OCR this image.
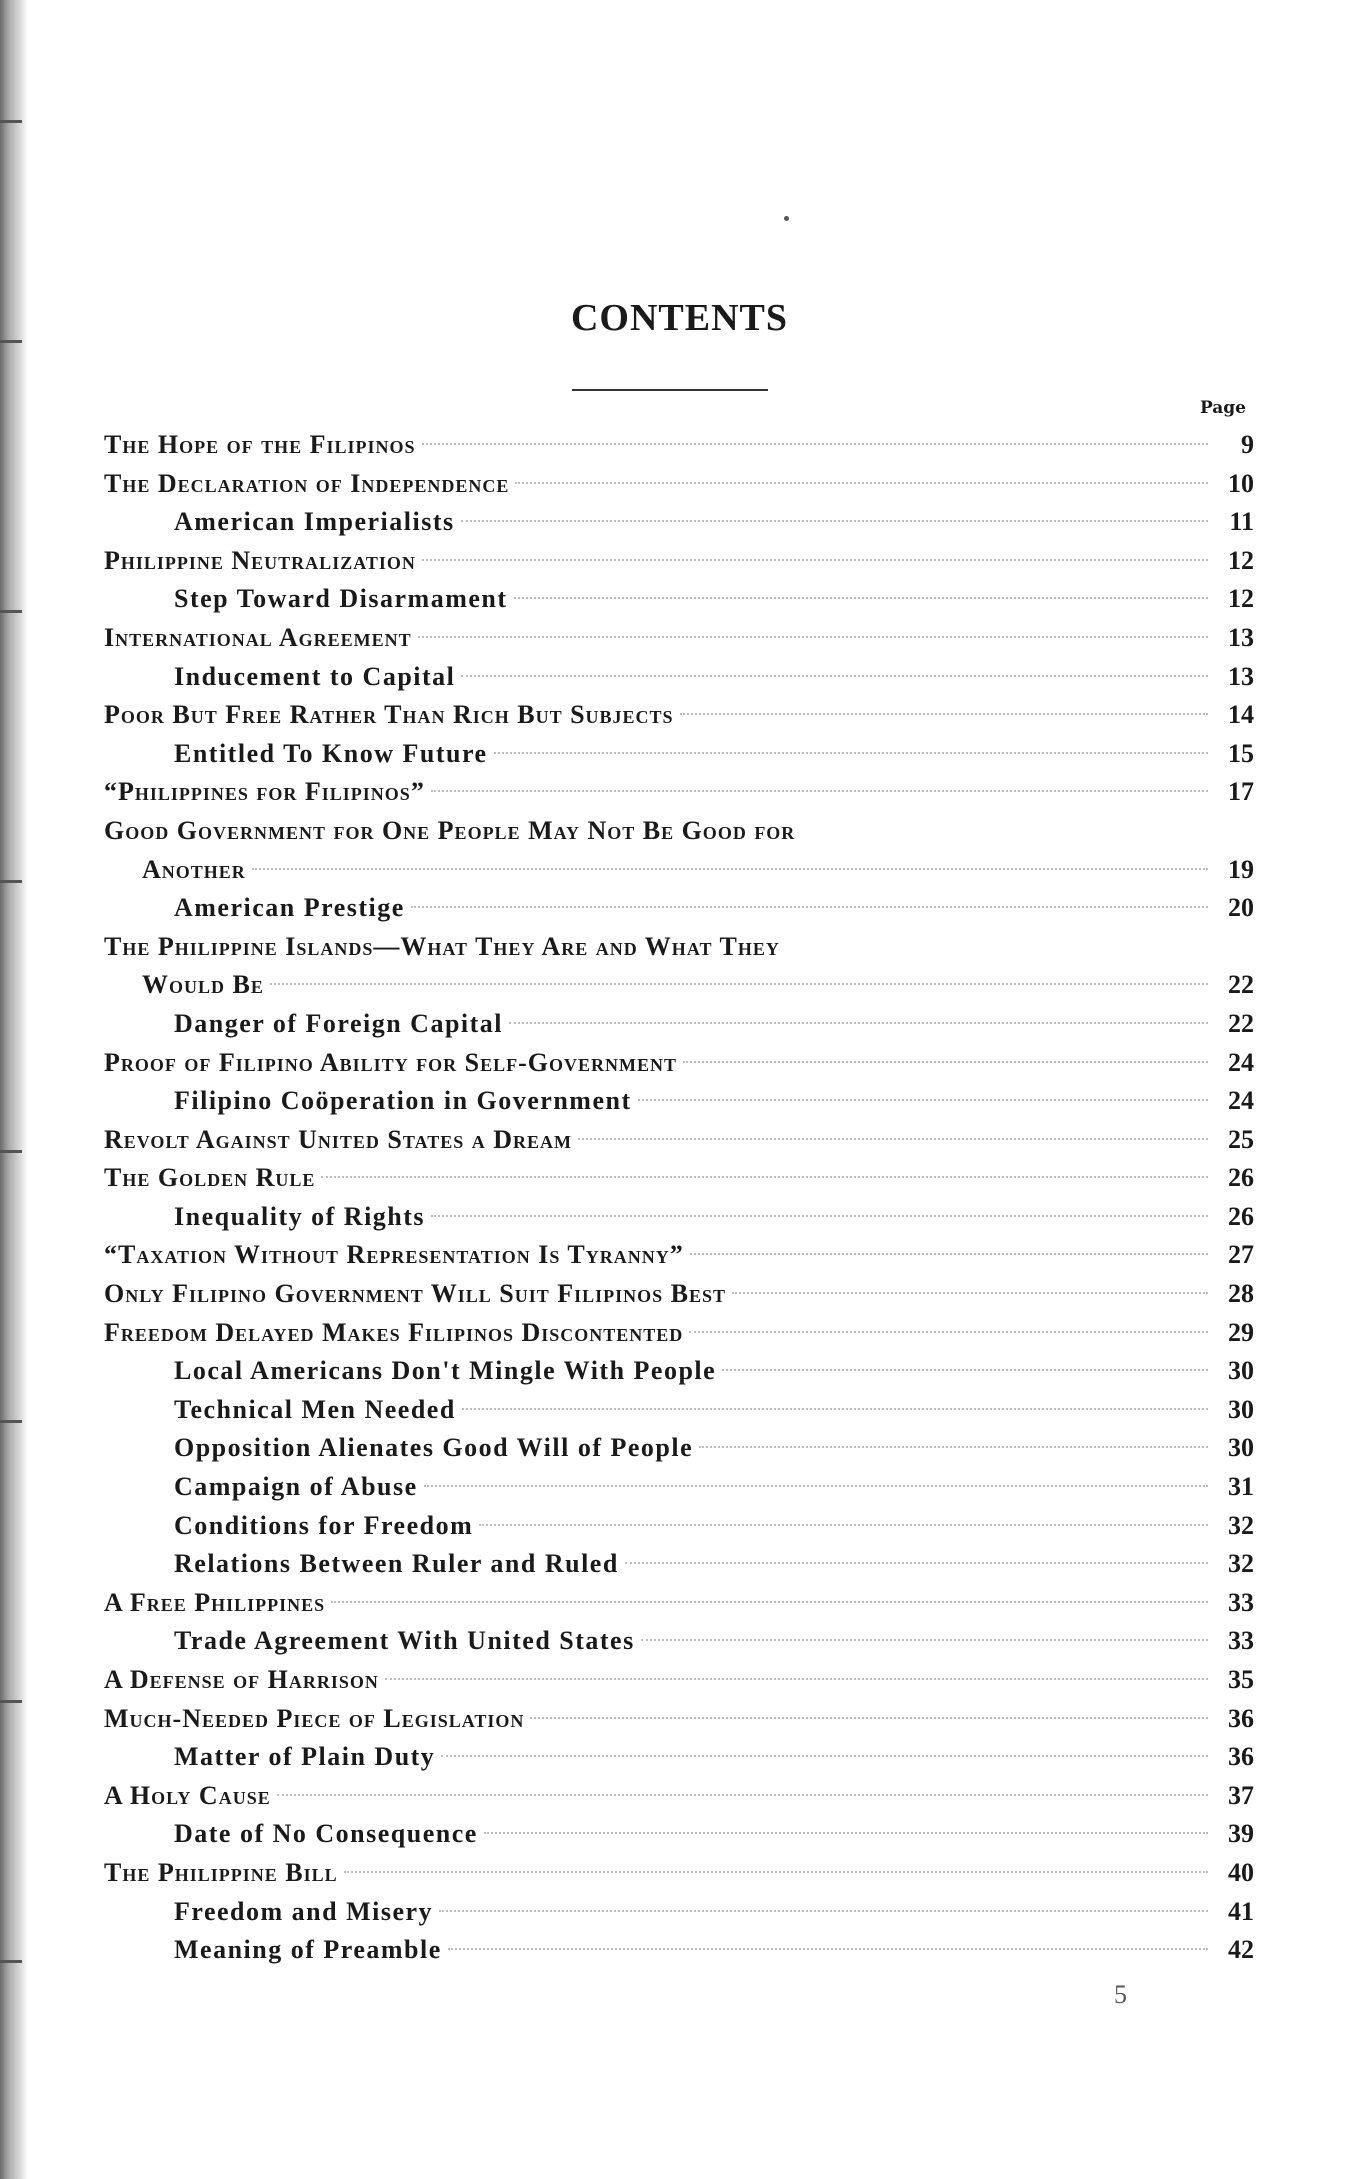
CONTENTS
Page
The Hope of the Filipinos	9
The Declaration of Independence	10
American Imperialists	11
Philippine Neutralization	12
Step Toward Disarmament	12
International Agreement	13
Inducement to Capital	13
Poor But Free Rather Than Rich But Subjects	14
Entitled To Know Future	15
“Philippines for Filipinos”	17
Good Government for One People May Not Be Good for
Another	19
American Prestige	20
The Philippine Islands—What They Are and What They
Would Be	22
Danger of Foreign Capital	22
Proof of Filipino Ability for Self-Government	24
Filipino Coöperation in Government	24
Revolt Against United States a Dream	25
The Golden Rule	26
Inequality of Rights	26
“Taxation Without Representation Is Tyranny”	27
Only Filipino Government Will Suit Filipinos Best	28
Freedom Delayed Makes Filipinos Discontented	29
Local Americans Don't Mingle With People	30
Technical Men Needed	30
Opposition Alienates Good Will of People	30
Campaign of Abuse	31
Conditions for Freedom	32
Relations Between Ruler and Ruled	32
A Free Philippines	33
Trade Agreement With United States	33
A Defense of Harrison	35
Much-Needed Piece of Legislation	36
Matter of Plain Duty	36
A Holy Cause	37
Date of No Consequence	39
The Philippine Bill	40
Freedom and Misery	41
Meaning of Preamble	42
5
